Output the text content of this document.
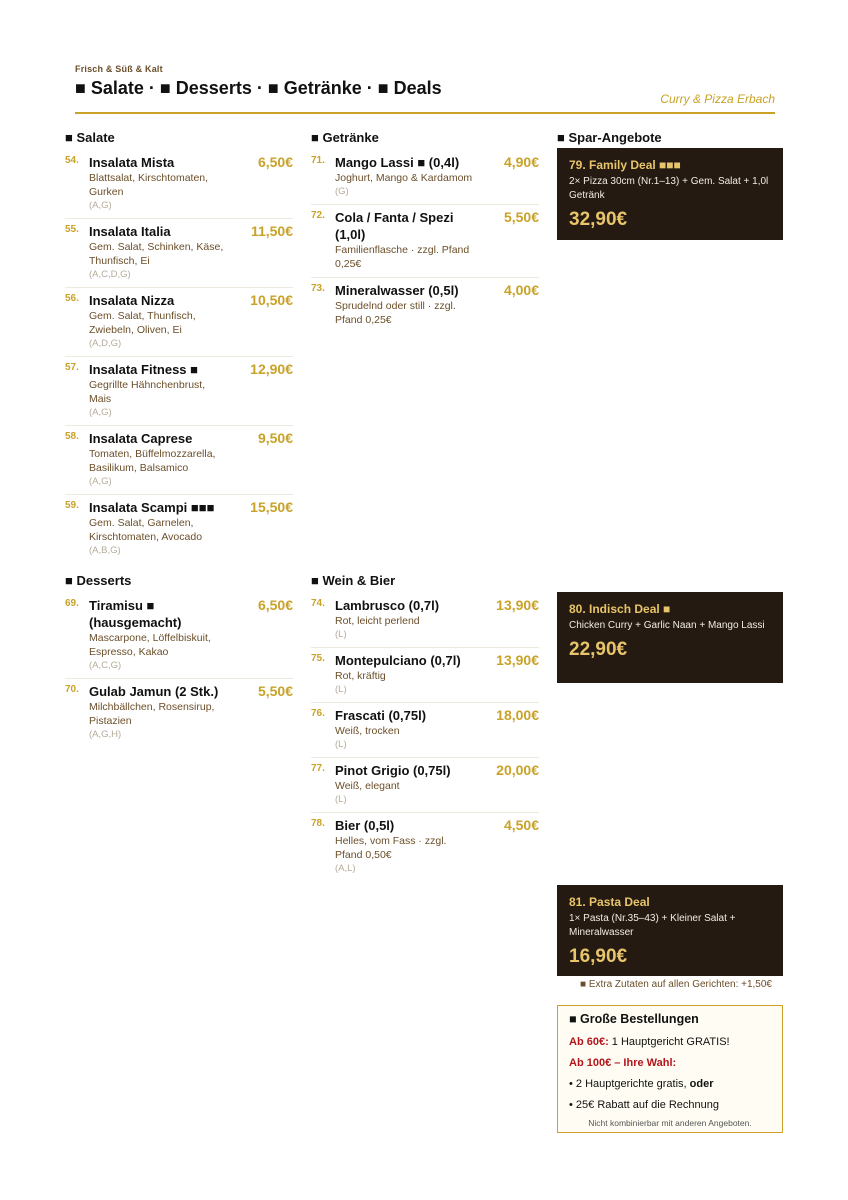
Frisch & Süß & Kalt
■ Salate · ■ Desserts · ■ Getränke · ■ Deals
Curry & Pizza Erbach
■ Salate
54. Insalata Mista	6,50€
Blattsalat, Kirschtomaten, Gurken
(A,G)
55. Insalata Italia	11,50€
Gem. Salat, Schinken, Käse, Thunfisch, Ei
(A,C,D,G)
56. Insalata Nizza	10,50€
Gem. Salat, Thunfisch, Zwiebeln, Oliven, Ei
(A,D,G)
57. Insalata Fitness ■	12,90€
Gegrillte Hähnchenbrust, Mais
(A,G)
58. Insalata Caprese	9,50€
Tomaten, Büffelmozzarella, Basilikum, Balsamico
(A,G)
59. Insalata Scampi ■■■	15,50€
Gem. Salat, Garnelen, Kirschtomaten, Avocado
(A,B,G)
■ Desserts
69. Tiramisu ■ (hausgemacht)
6,50€
Mascarpone, Löffelbiskuit, Espresso, Kakao
(A,C,G)
70. Gulab Jamun (2 Stk.)	5,50€
Milchbällchen, Rosensirup, Pistazien
(A,G,H)
■ Getränke
71. Mango Lassi ■ (0,4l)	4,90€
Joghurt, Mango & Kardamom
(G)
72. Cola / Fanta / Spezi (1,0l)
5,50€
Familienflasche · zzgl. Pfand 0,25€
73. Mineralwasser (0,5l)	4,00€
Sprudelnd oder still · zzgl. Pfand 0,25€
■ Wein & Bier
74. Lambrusco (0,7l)	13,90€
Rot, leicht perlend
(L)
75. Montepulciano (0,7l)	13,90€
Rot, kräftig
(L)
76. Frascati (0,75l)	18,00€
Weiß, trocken
(L)
77. Pinot Grigio (0,75l)	20,00€
Weiß, elegant
(L)
78. Bier (0,5l)	4,50€
Helles, vom Fass · zzgl. Pfand 0,50€
(A,L)
■ Spar-Angebote
79. Family Deal ■■■
2× Pizza 30cm (Nr.1–13) + Gem. Salat + 1,0l Getränk
32,90€
80. Indisch Deal ■
Chicken Curry + Garlic Naan + Mango Lassi
22,90€
81. Pasta Deal
1× Pasta (Nr.35–43) + Kleiner Salat + Mineralwasser
16,90€
■ Extra Zutaten auf allen Gerichten: +1,50€
■ Große Bestellungen
Ab 60€: 1 Hauptgericht GRATIS!
Ab 100€ – Ihre Wahl:
• 2 Hauptgerichte gratis, oder
• 25€ Rabatt auf die Rechnung
Nicht kombinierbar mit anderen Angeboten.
